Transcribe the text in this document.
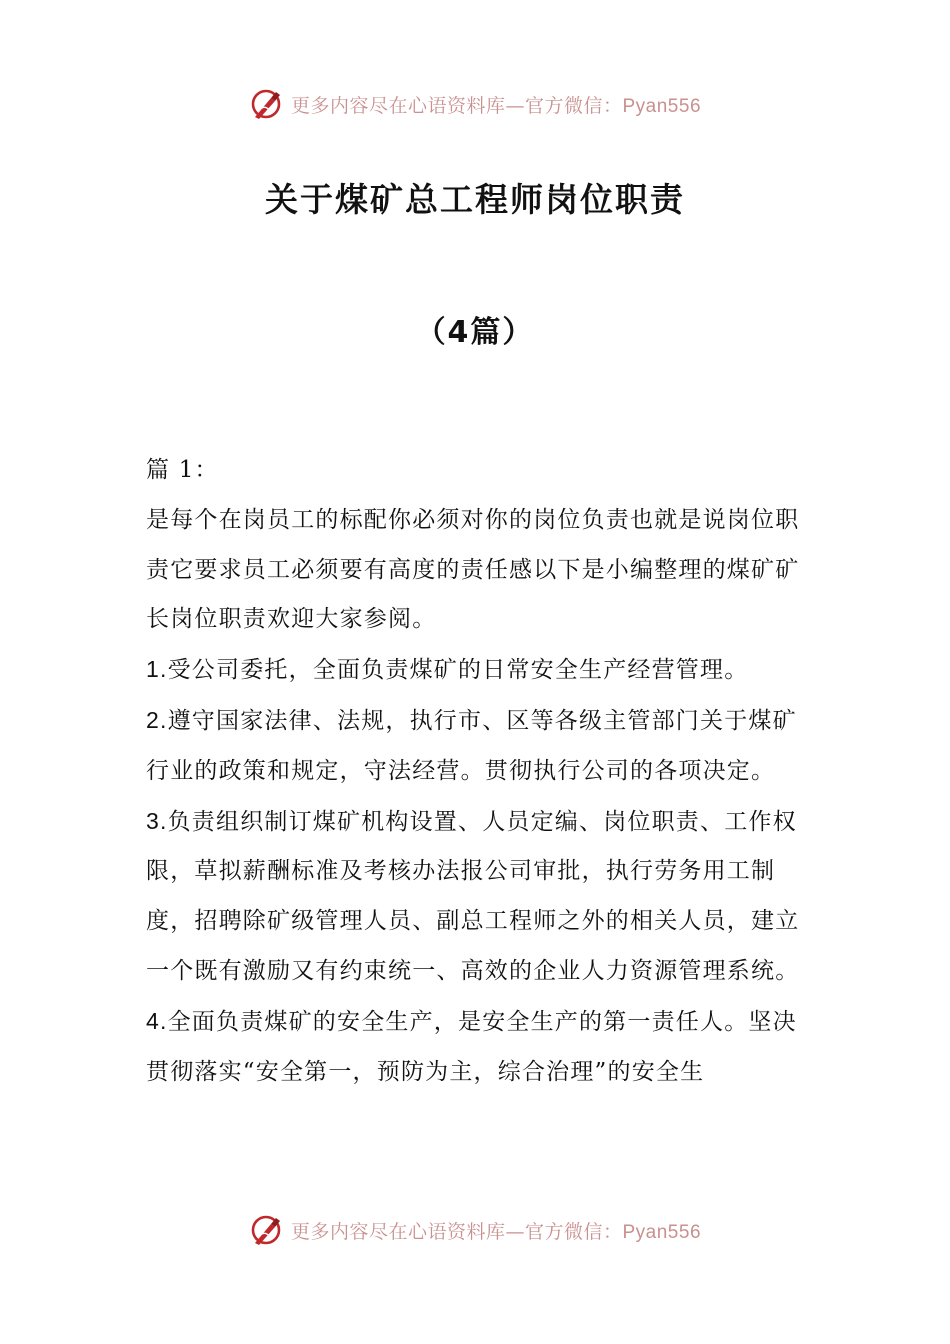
更多内容尽在心语资料库—官方微信：Pyan556
关于煤矿总工程师岗位职责
（4篇）

篇 1：

是每个在岗员工的标配你必须对你的岗位负责也就是说岗位职责它要求员工必须要有高度的责任感以下是小编整理的煤矿矿长岗位职责欢迎大家参阅。

1.受公司委托，全面负责煤矿的日常安全生产经营管理。

2.遵守国家法律、法规，执行市、区等各级主管部门关于煤矿行业的政策和规定，守法经营。贯彻执行公司的各项决定。

3.负责组织制订煤矿机构设置、人员定编、岗位职责、工作权限，草拟薪酬标准及考核办法报公司审批，执行劳务用工制度，招聘除矿级管理人员、副总工程师之外的相关人员，建立一个既有激励又有约束统一、高效的企业人力资源管理系统。

4.全面负责煤矿的安全生产，是安全生产的第一责任人。坚决贯彻落实“安全第一，预防为主，综合治理”的安全生

更多内容尽在心语资料库—官方微信：Pyan556
